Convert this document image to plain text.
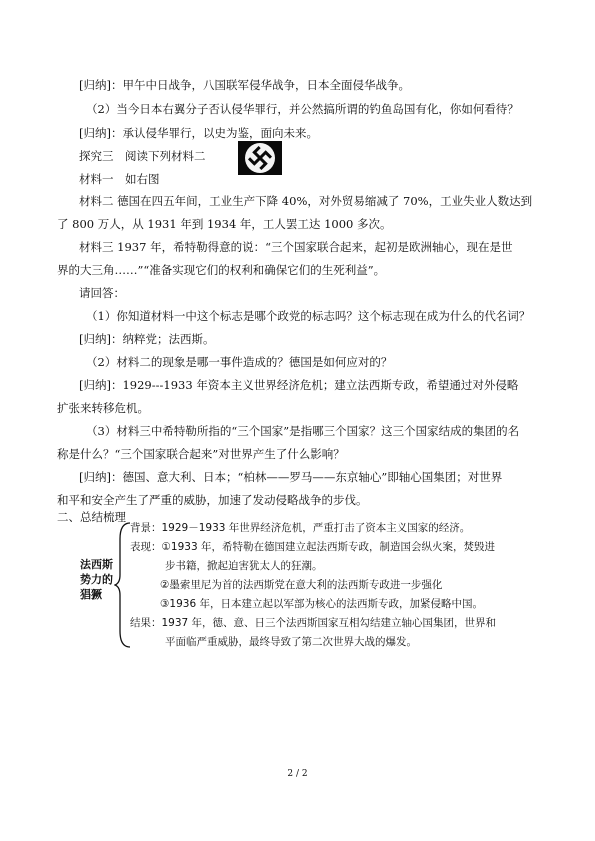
[归纳]：甲午中日战争，八国联军侵华战争，日本全面侵华战争。
（2）当今日本右翼分子否认侵华罪行，并公然搞所谓的钓鱼岛国有化，你如何看待？
[归纳]：承认侵华罪行，以史为鉴，面向未来。
探究三　阅读下列材料二
材料一　如右图
材料二 德国在四五年间，工业生产下降 40%，对外贸易缩减了 70%，工业失业人数达到
了 800 万人，从 1931 年到 1934 年，工人罢工达 1000 多次。
材料三 1937 年，希特勒得意的说：“三个国家联合起来，起初是欧洲轴心，现在是世
界的大三角……”“准备实现它们的权利和确保它们的生死利益”。
请回答：
（1）你知道材料一中这个标志是哪个政党的标志吗？这个标志现在成为什么的代名词？
[归纳]：纳粹党；法西斯。
（2）材料二的现象是哪一事件造成的？德国是如何应对的？
[归纳]：1929---1933 年资本主义世界经济危机；建立法西斯专政，希望通过对外侵略
扩张来转移危机。
（3）材料三中希特勒所指的“三个国家”是指哪三个国家？这三个国家结成的集团的名
称是什么？“三个国家联合起来”对世界产生了什么影响？
[归纳]：德国、意大利、日本；“柏林——罗马——东京轴心”即轴心国集团；对世界
和平和安全产生了严重的威胁，加速了发动侵略战争的步伐。
二、总结梳理
法西斯势力的猖獗
背景：1929－1933 年世界经济危机，严重打击了资本主义国家的经济。
表现：①1933 年，希特勒在德国建立起法西斯专政，制造国会纵火案，焚毁进
步书籍，掀起迫害犹太人的狂潮。
②墨索里尼为首的法西斯党在意大利的法西斯专政进一步强化
③1936 年，日本建立起以军部为核心的法西斯专政，加紧侵略中国。
结果：1937 年，德、意、日三个法西斯国家互相勾结建立轴心国集团，世界和
平面临严重威胁，最终导致了第二次世界大战的爆发。
2 / 2
